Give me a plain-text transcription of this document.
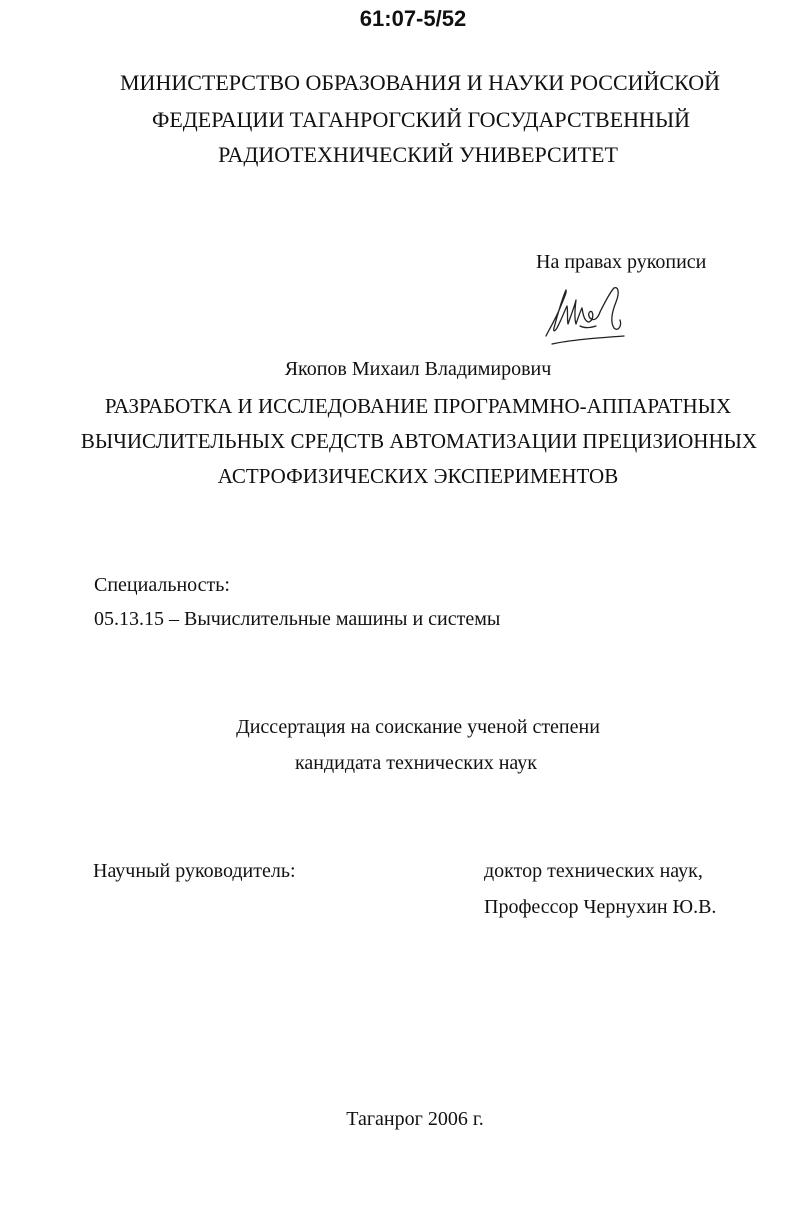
61:07-5/52
МИНИСТЕРСТВО ОБРАЗОВАНИЯ И НАУКИ РОССИЙСКОЙ
ФЕДЕРАЦИИ ТАГАНРОГСКИЙ ГОСУДАРСТВЕННЫЙ
РАДИОТЕХНИЧЕСКИЙ УНИВЕРСИТЕТ
На правах рукописи
Якопов Михаил Владимирович
РАЗРАБОТКА И ИССЛЕДОВАНИЕ ПРОГРАММНО-АППАРАТНЫХ
ВЫЧИСЛИТЕЛЬНЫХ СРЕДСТВ АВТОМАТИЗАЦИИ ПРЕЦИЗИОННЫХ
АСТРОФИЗИЧЕСКИХ ЭКСПЕРИМЕНТОВ
Специальность:
05.13.15 – Вычислительные машины и системы
Диссертация на соискание ученой степени
кандидата технических наук
Научный руководитель:	доктор технических наук,
Профессор Чернухин Ю.В.
Таганрог 2006 г.
